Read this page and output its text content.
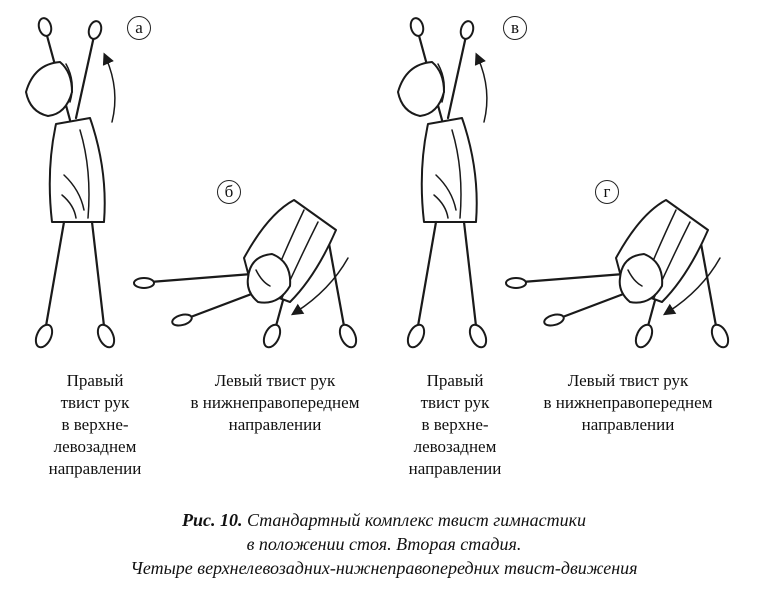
а
б
в
г
Правый
твист рук
в верхне-
левозаднем
направлении
Левый твист рук
в нижнеправопереднем
направлении
Правый
твист рук
в верхне-
левозаднем
направлении
Левый твист рук
в нижнеправопереднем
направлении
Рис. 10. Стандартный комплекс твист гимнастики
в положении стоя. Вторая стадия.
Четыре верхнелевозадних-нижнеправопередних твист-движения
